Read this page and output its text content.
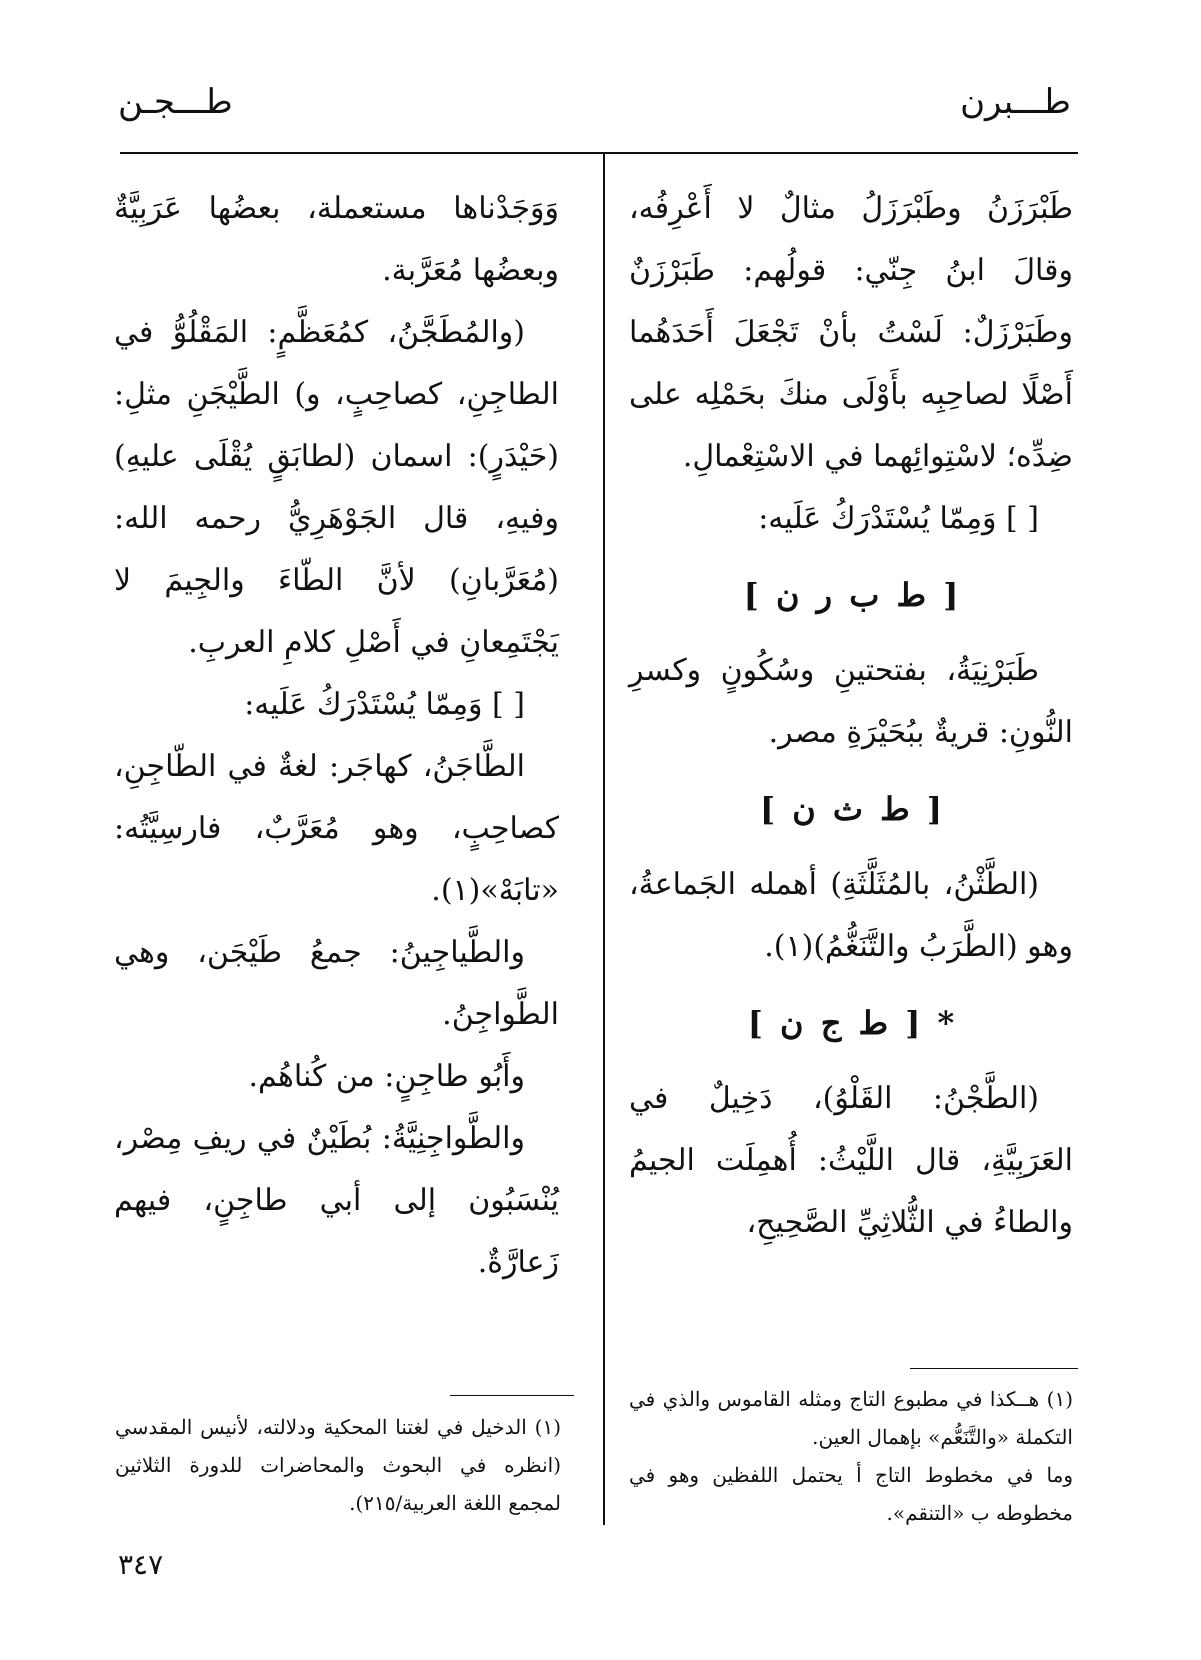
طـــبرن
طـــجـن

طَبْرَزَنُ وطَبْرَزَلُ مثالٌ لا أَعْرِفُه، وقالَ ابنُ جِنّي: قولُهم: طَبَرْزَنٌ وطَبَرْزَلٌ: لَسْتُ بأنْ تَجْعَلَ أَحَدَهُما أَصْلًا لصاحِبِه بأَوْلَى منكَ بحَمْلِه على ضِدِّه؛ لاسْتِوائِهما في الاسْتِعْمالِ.

[ ] وَمِمّا يُسْتَدْرَكُ عَلَيه:

[ ط ب ر ن ]

طَبَرْنِيَةُ، بفتحتينِ وسُكُونٍ وكسرِ النُّونِ: قريةٌ ببُحَيْرَةِ مصر.

[ ط ث ن ]

(الطَّثْنُ، بالمُثَلَّثَةِ) أهمله الجَماعةُ، وهو (الطَّرَبُ والتَّنَغُّمُ)(١).

* [ ط ج ن ]

(الطَّجْنُ: القَلْوُ)، دَخِيلٌ في العَرَبِيَّةِ، قال اللَّيْثُ: أُهمِلَت الجيمُ والطاءُ في الثُّلاثِيِّ الصَّحِيحِ،

وَوَجَدْناها مستعملة، بعضُها عَرَبِيَّةٌ وبعضُها مُعَرَّبة.

(والمُطَجَّنُ، كمُعَظَّمٍ: المَقْلُوُّ في الطاجِنِ، كصاحِبٍ، و) الطَّيْجَنِ مثلِ: (حَيْدَرٍ): اسمان (لطابَقٍ يُقْلَى عليهِ) وفيهِ، قال الجَوْهَرِيُّ رحمه الله: (مُعَرَّبانِ) لأنَّ الطّاءَ والجِيمَ لا يَجْتَمِعانِ في أَصْلِ كلامِ العربِ.

[ ] وَمِمّا يُسْتَدْرَكُ عَلَيه:

الطَّاجَنُ، كهاجَر: لغةٌ في الطّاجِنِ، كصاحِبٍ، وهو مُعَرَّبٌ، فارسِيَّتُه: «تابَهْ»(١).

والطَّياجِينُ: جمعُ طَيْجَن، وهي الطَّواجِنُ.

وأَبُو طاجِنٍ: من كُناهُم.

والطَّواجِنِيَّةُ: بُطَيْنٌ في ريفِ مِصْر، يُنْسَبُون إلى أبي طاجِنٍ، فيهم زَعارَّةٌ.

(١) هــكذا في مطبوع التاج ومثله القاموس والذي في التكملة «والتَّنَعُّم» بإهمال العين.

وما في مخطوط التاج أ يحتمل اللفظين وهو في مخطوطه ب «التنقم».

(١) الدخيل في لغتنا المحكية ودلالته، لأنيس المقدسي (انظره في البحوث والمحاضرات للدورة الثلاثين لمجمع اللغة العربية/٢١٥).

٣٤٧
